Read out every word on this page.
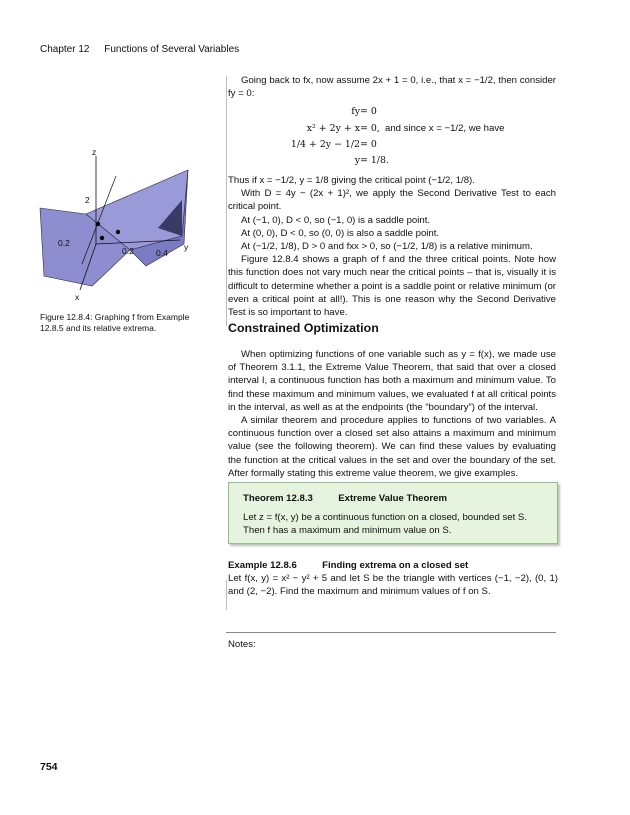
Chapter 12 Functions of Several Variables

Going back to fx, now assume 2x + 1 = 0, i.e., that x = −1/2, then consider fy = 0:

fy = 0
x² + 2y + x = 0, and since x = −1/2, we have
1/4 + 2y − 1/2 = 0
y = 1/8.

Thus if x = −1/2, y = 1/8 giving the critical point (−1/2, 1/8).

With D = 4y − (2x + 1)², we apply the Second Derivative Test to each critical point.

At (−1, 0), D < 0, so (−1, 0) is a saddle point.

At (0, 0), D < 0, so (0, 0) is also a saddle point.

At (−1/2, 1/8), D > 0 and fxx > 0, so (−1/2, 1/8) is a relative minimum.

Figure 12.8.4 shows a graph of f and the three critical points. Note how this function does not vary much near the critical points – that is, visually it is difficult to determine whether a point is a saddle point or relative minimum (or even a critical point at all!). This is one reason why the Second Derivative Test is so important to have.

Constrained Optimization

When optimizing functions of one variable such as y = f(x), we made use of Theorem 3.1.1, the Extreme Value Theorem, that said that over a closed interval I, a continuous function has both a maximum and minimum value. To find these maximum and minimum values, we evaluated f at all critical points in the interval, as well as at the endpoints (the “boundary”) of the interval.

A similar theorem and procedure applies to functions of two variables. A continuous function over a closed set also attains a maximum and minimum value (see the following theorem). We can find these values by evaluating the function at the critical values in the set and over the boundary of the set. After formally stating this extreme value theorem, we give examples.

Theorem 12.8.3	Extreme Value Theorem
Let z = f(x, y) be a continuous function on a closed, bounded set S. Then f has a maximum and minimum value on S.
Example 12.8.6	Finding extrema on a closed set
Let f(x, y) = x² − y² + 5 and let S be the triangle with vertices (−1, −2), (0, 1) and (2, −2). Find the maximum and minimum values of f on S.
Notes:
z
y
x
2
0.2
0.2	0.4
Figure 12.8.4: Graphing f from Example 12.8.5 and its relative extrema.
754
